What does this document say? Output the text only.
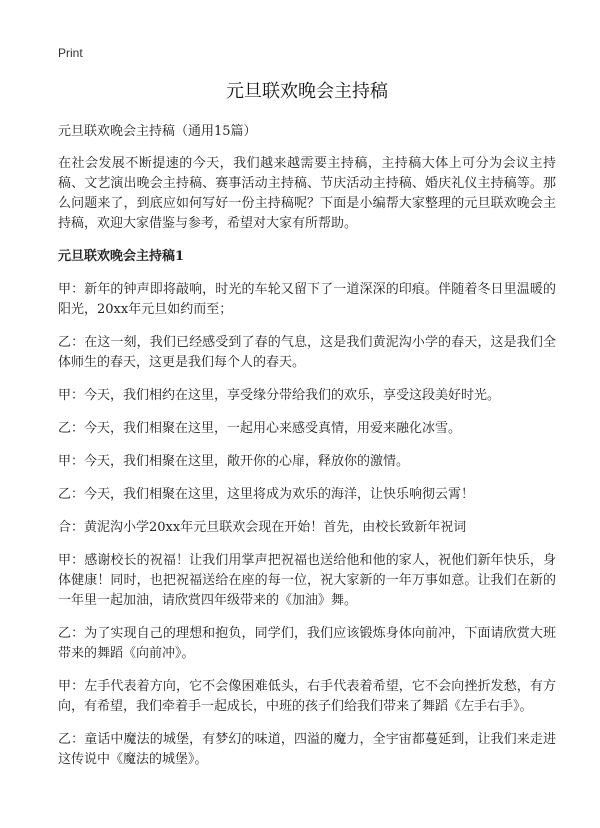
Print
元旦联欢晚会主持稿

元旦联欢晚会主持稿（通用15篇）

在社会发展不断提速的今天，我们越来越需要主持稿，主持稿大体上可分为会议主持稿、文艺演出晚会主持稿、赛事活动主持稿、节庆活动主持稿、婚庆礼仪主持稿等。那么问题来了，到底应如何写好一份主持稿呢？下面是小编帮大家整理的元旦联欢晚会主持稿，欢迎大家借鉴与参考，希望对大家有所帮助。

元旦联欢晚会主持稿1

甲：新年的钟声即将敲响，时光的车轮又留下了一道深深的印痕。伴随着冬日里温暖的阳光，20xx年元旦如约而至；

乙：在这一刻，我们已经感受到了春的气息，这是我们黄泥沟小学的春天，这是我们全体师生的春天，这更是我们每个人的春天。

甲：今天，我们相约在这里，享受缘分带给我们的欢乐，享受这段美好时光。

乙：今天，我们相聚在这里，一起用心来感受真情，用爱来融化冰雪。

甲：今天，我们相聚在这里，敞开你的心扉，释放你的激情。

乙：今天，我们相聚在这里，这里将成为欢乐的海洋，让快乐响彻云霄！

合：黄泥沟小学20xx年元旦联欢会现在开始！首先，由校长致新年祝词

甲：感谢校长的祝福！让我们用掌声把祝福也送给他和他的家人，祝他们新年快乐，身体健康！同时，也把祝福送给在座的每一位，祝大家新的一年万事如意。让我们在新的一年里一起加油，请欣赏四年级带来的《加油》舞。

乙：为了实现自己的理想和抱负，同学们，我们应该锻炼身体向前冲，下面请欣赏大班带来的舞蹈《向前冲》。

甲：左手代表着方向，它不会像困难低头，右手代表着希望，它不会向挫折发愁，有方向，有希望，我们牵着手一起成长，中班的孩子们给我们带来了舞蹈《左手右手》。

乙：童话中魔法的城堡，有梦幻的味道，四溢的魔力，全宇宙都蔓延到，让我们来走进这传说中《魔法的城堡》。
